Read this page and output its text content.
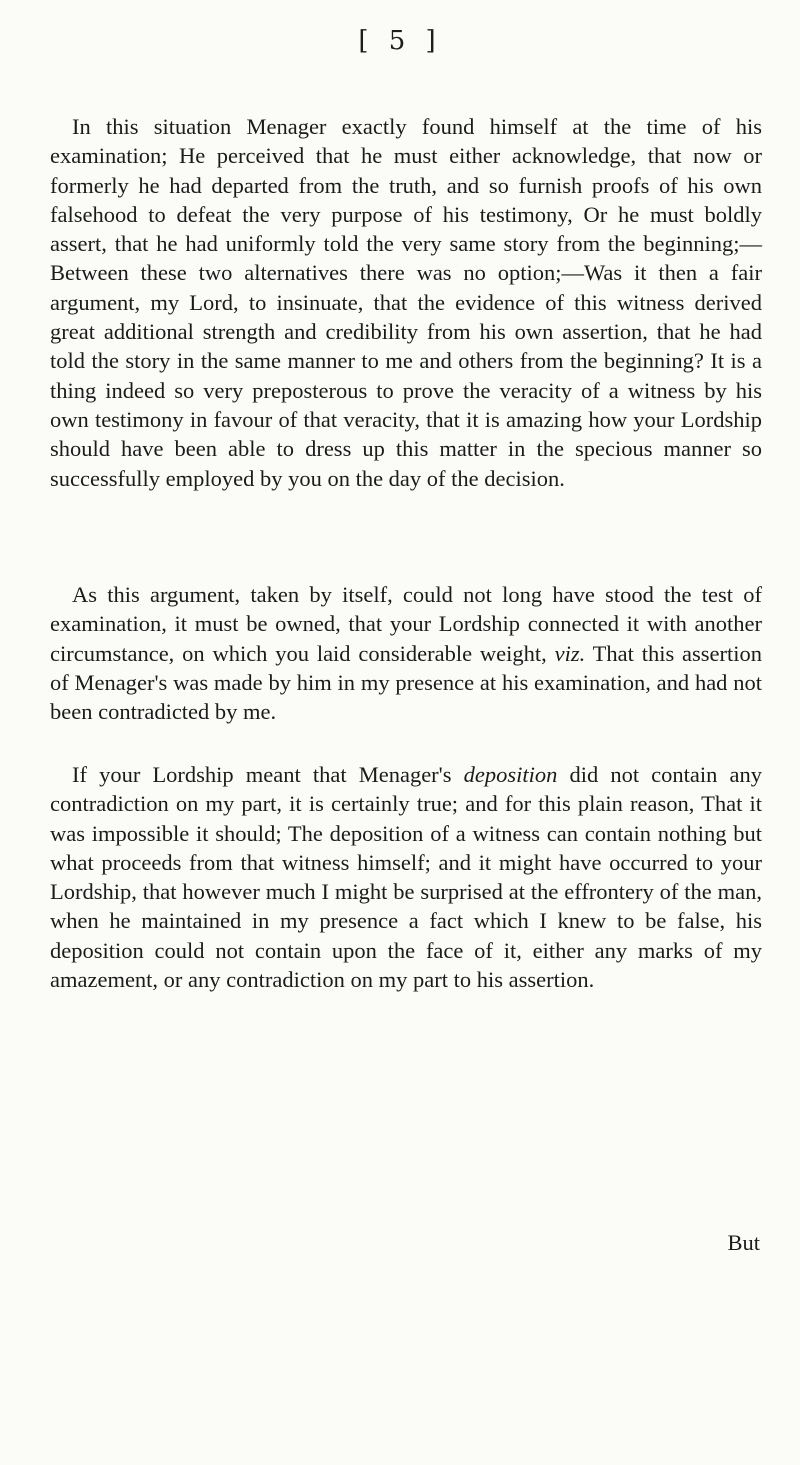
[ 5 ]

In this situation Menager exactly found himself at the time of his examination; He perceived that he must either acknowledge, that now or formerly he had departed from the truth, and so furnish proofs of his own falsehood to defeat the very purpose of his testimony, Or he must boldly assert, that he had uniformly told the very same story from the beginning;—Between these two alternatives there was no option;—Was it then a fair argument, my Lord, to insinuate, that the evidence of this witness derived great additional strength and credibility from his own assertion, that he had told the story in the same manner to me and others from the beginning? It is a thing indeed so very preposterous to prove the veracity of a witness by his own testimony in favour of that veracity, that it is amazing how your Lordship should have been able to dress up this matter in the specious manner so successfully employed by you on the day of the decision.

As this argument, taken by itself, could not long have stood the test of examination, it must be owned, that your Lordship connected it with another circumstance, on which you laid considerable weight, viz. That this assertion of Menager's was made by him in my presence at his examination, and had not been contradicted by me.

If your Lordship meant that Menager's deposition did not contain any contradiction on my part, it is certainly true; and for this plain reason, That it was impossible it should; The deposition of a witness can contain nothing but what proceeds from that witness himself; and it might have occurred to your Lordship, that however much I might be surprised at the effrontery of the man, when he maintained in my presence a fact which I knew to be false, his deposition could not contain upon the face of it, either any marks of my amazement, or any contradiction on my part to his assertion.

But
